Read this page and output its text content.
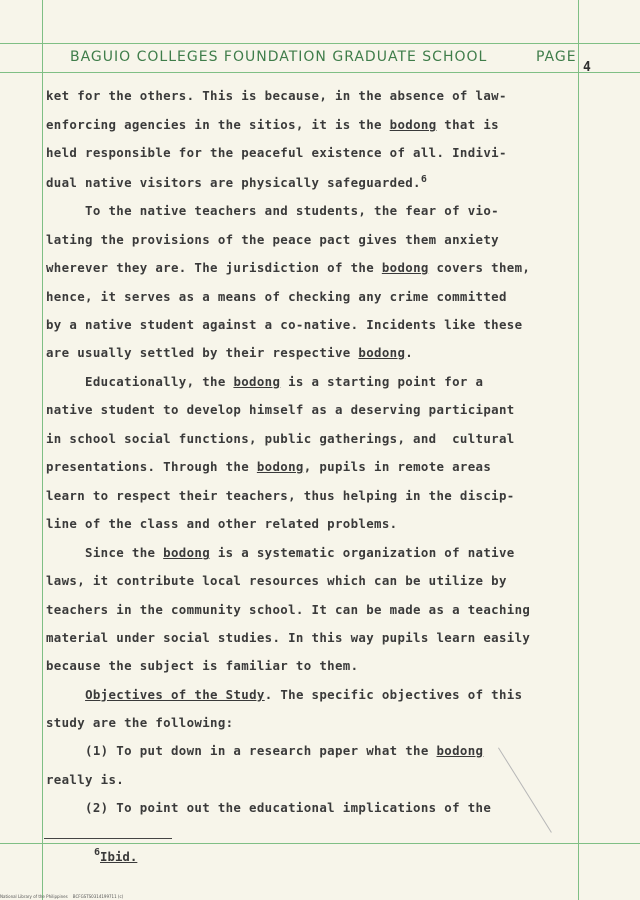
BAGUIO COLLEGES FOUNDATION GRADUATE SCHOOL	PAGE
4
ket for the others. This is because, in the absence of law-
enforcing agencies in the sitios, it is the bodong that is
held responsible for the peaceful existence of all. Indivi-
dual native visitors are physically safeguarded.$^6$
To the native teachers and students, the fear of vio-
lating the provisions of the peace pact gives them anxiety
wherever they are. The jurisdiction of the bodong covers them,
hence, it serves as a means of checking any crime committed
by a native student against a co-native. Incidents like these
are usually settled by their respective bodong.
Educationally, the bodong is a starting point for a
native student to develop himself as a deserving participant
in school social functions, public gatherings, and  cultural
presentations. Through the bodong, pupils in remote areas
learn to respect their teachers, thus helping in the discip-
line of the class and other related problems.
Since the bodong is a systematic organization of native
laws, it contribute local resources which can be utilize by
teachers in the community school. It can be made as a teaching
material under social studies. In this way pupils learn easily
because the subject is familiar to them.
Objectives of the Study. The specific objectives of this
study are the following:
(1) To put down in a research paper what the bodong
really is.
(2) To point out the educational implications of the
$^6$Ibid.
National Library of the Philippines    BCFGSTS0314199711 (c)
